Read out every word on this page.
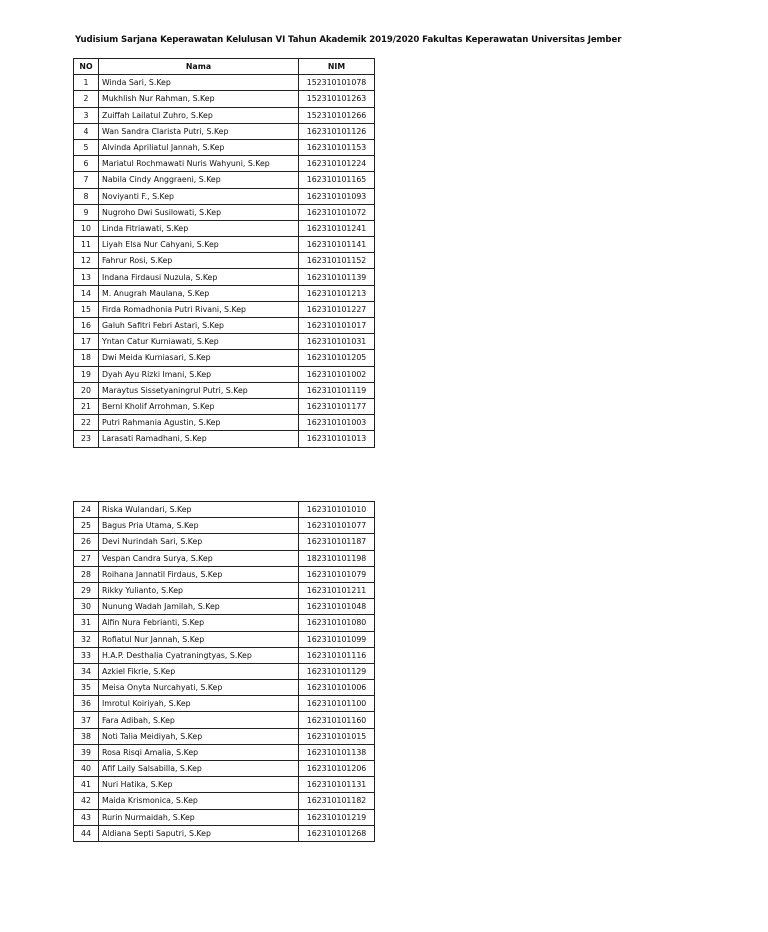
Yudisium Sarjana Keperawatan Kelulusan VI Tahun Akademik 2019/2020 Fakultas Keperawatan Universitas Jember
NO	Nama	NIM
1	Winda Sari, S.Kep	152310101078
2	Mukhlish Nur Rahman, S.Kep	152310101263
3	Zuiffah Lailatul Zuhro, S.Kep	152310101266
4	Wan Sandra Clarista Putri, S.Kep	162310101126
5	Alvinda Apriliatul Jannah, S.Kep	162310101153
6	Mariatul Rochmawati Nuris Wahyuni, S.Kep	162310101224
7	Nabila Cindy Anggraeni, S.Kep	162310101165
8	Noviyanti F., S.Kep	162310101093
9	Nugroho Dwi Susilowati, S.Kep	162310101072
10	Linda Fitriawati, S.Kep	162310101241
11	Liyah Elsa Nur Cahyani, S.Kep	162310101141
12	Fahrur Rosi, S.Kep	162310101152
13	Indana Firdausi Nuzula, S.Kep	162310101139
14	M. Anugrah Maulana, S.Kep	162310101213
15	Firda Romadhonia Putri Rivani, S.Kep	162310101227
16	Galuh Safitri Febri Astari, S.Kep	162310101017
17	Yntan Catur Kurniawati, S.Kep	162310101031
18	Dwi Meida Kurniasari, S.Kep	162310101205
19	Dyah Ayu Rizki Imani, S.Kep	162310101002
20	Maraytus Sissetyaningrul Putri, S.Kep	162310101119
21	Bernl Kholif Arrohman, S.Kep	162310101177
22	Putri Rahmania Agustin, S.Kep	162310101003
23	Larasati Ramadhani, S.Kep	162310101013
24	Riska Wulandari, S.Kep	162310101010
25	Bagus Pria Utama, S.Kep	162310101077
26	Devi Nurindah Sari, S.Kep	162310101187
27	Vespan Candra Surya, S.Kep	182310101198
28	Roihana Jannatil Firdaus, S.Kep	162310101079
29	Rikky Yulianto, S.Kep	162310101211
30	Nunung Wadah Jamilah, S.Kep	162310101048
31	Alfin Nura Febrianti, S.Kep	162310101080
32	Rofiatul Nur Jannah, S.Kep	162310101099
33	H.A.P. Desthalia Cyatraningtyas, S.Kep	162310101116
34	Azkiel Fikrie, S.Kep	162310101129
35	Meisa Onyta Nurcahyati, S.Kep	162310101006
36	Imrotul Koiriyah, S.Kep	162310101100
37	Fara Adibah, S.Kep	162310101160
38	Noti Talia Meidiyah, S.Kep	162310101015
39	Rosa Risqi Amalia, S.Kep	162310101138
40	Afif Laily Salsabilla, S.Kep	162310101206
41	Nuri Hatika, S.Kep	162310101131
42	Maida Krismonica, S.Kep	162310101182
43	Rurin Nurmaidah, S.Kep	162310101219
44	Aldiana Septi Saputri, S.Kep	162310101268
